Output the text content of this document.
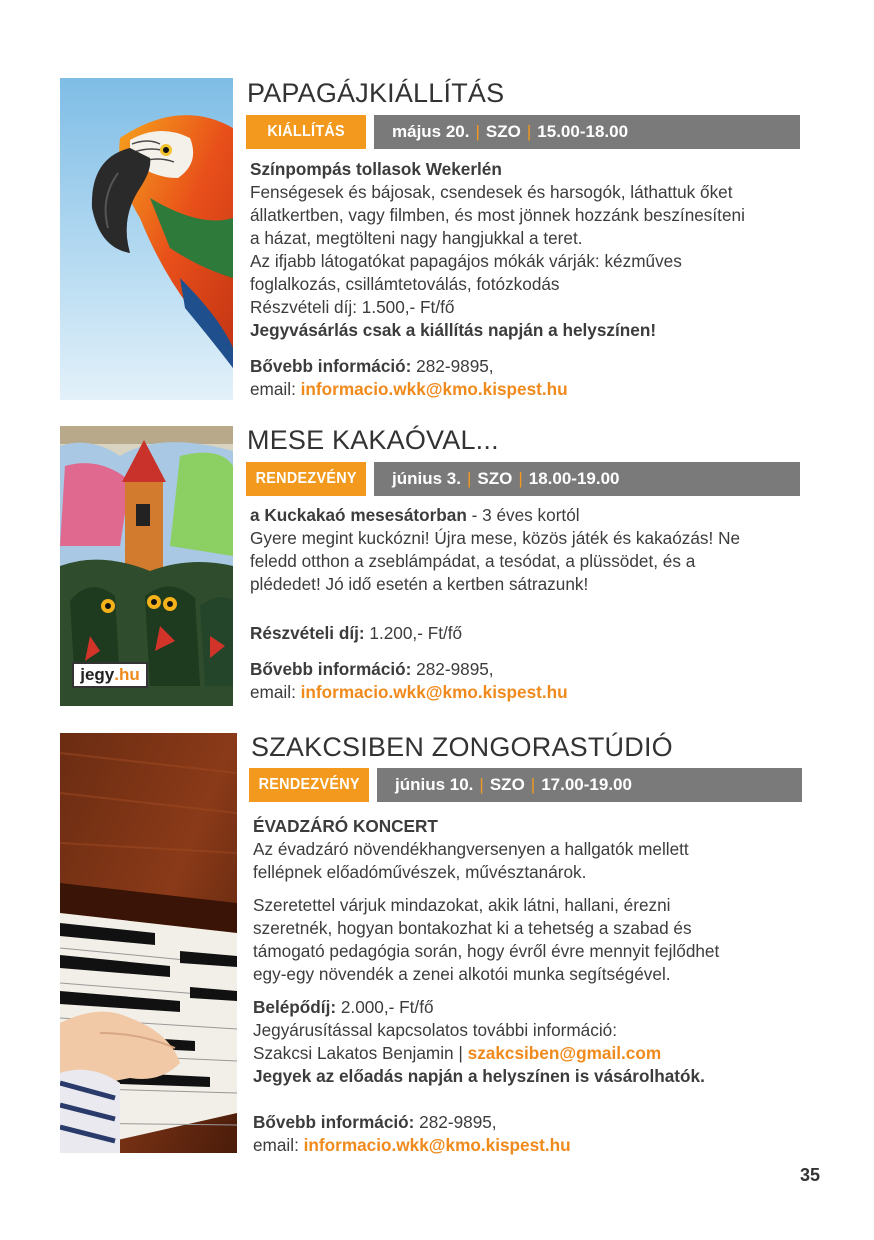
PAPAGÁJKIÁLLÍTÁS
KIÁLLÍTÁS	május 20. | SZO | 15.00-18.00

Színpompás tollasok Wekerlén

Fenségesek és bájosak, csendesek és harsogók, láthattuk őket

állatkertben, vagy filmben, és most jönnek hozzánk beszínesíteni

a házat, megtölteni nagy hangjukkal a teret.

Az ifjabb látogatókat papagájos mókák várják: kézműves

foglalkozás, csillámtetoválás, fotózkodás

Részvételi díj: 1.500,- Ft/fő

Jegyvásárlás csak a kiállítás napján a helyszínen!

Bővebb információ: 282-9895,

email: informacio.wkk@kmo.kispest.hu

jegy .hu
MESE KAKAÓVAL...
RENDEZVÉNY június 3. | SZO | 18.00-19.00

a Kuckakaó mesesátorban - 3 éves kortól

Gyere megint kuckózni! Újra mese, közös játék és kakaózás! Ne

feledd otthon a zseblámpádat, a tesódat, a plüssödet, és a

plédedet! Jó idő esetén a kertben sátrazunk!

Részvételi díj: 1.200,- Ft/fő

Bővebb információ: 282-9895,

email: informacio.wkk@kmo.kispest.hu

SZAKCSIBEN ZONGORASTÚDIÓ
RENDEZVÉNY június 10. | SZO | 17.00-19.00

ÉVADZÁRÓ KONCERT

Az évadzáró növendékhangversenyen a hallgatók mellett

fellépnek előadóművészek, művésztanárok.

Szeretettel várjuk mindazokat, akik látni, hallani, érezni

szeretnék, hogyan bontakozhat ki a tehetség a szabad és

támogató pedagógia során, hogy évről évre mennyit fejlődhet

egy-egy növendék a zenei alkotói munka segítségével.

Belépődíj: 2.000,- Ft/fő

Jegyárusítással kapcsolatos további információ:

Szakcsi Lakatos Benjamin | szakcsiben@gmail.com

Jegyek az előadás napján a helyszínen is vásárolhatók.

Bővebb információ: 282-9895,

email: informacio.wkk@kmo.kispest.hu

35
